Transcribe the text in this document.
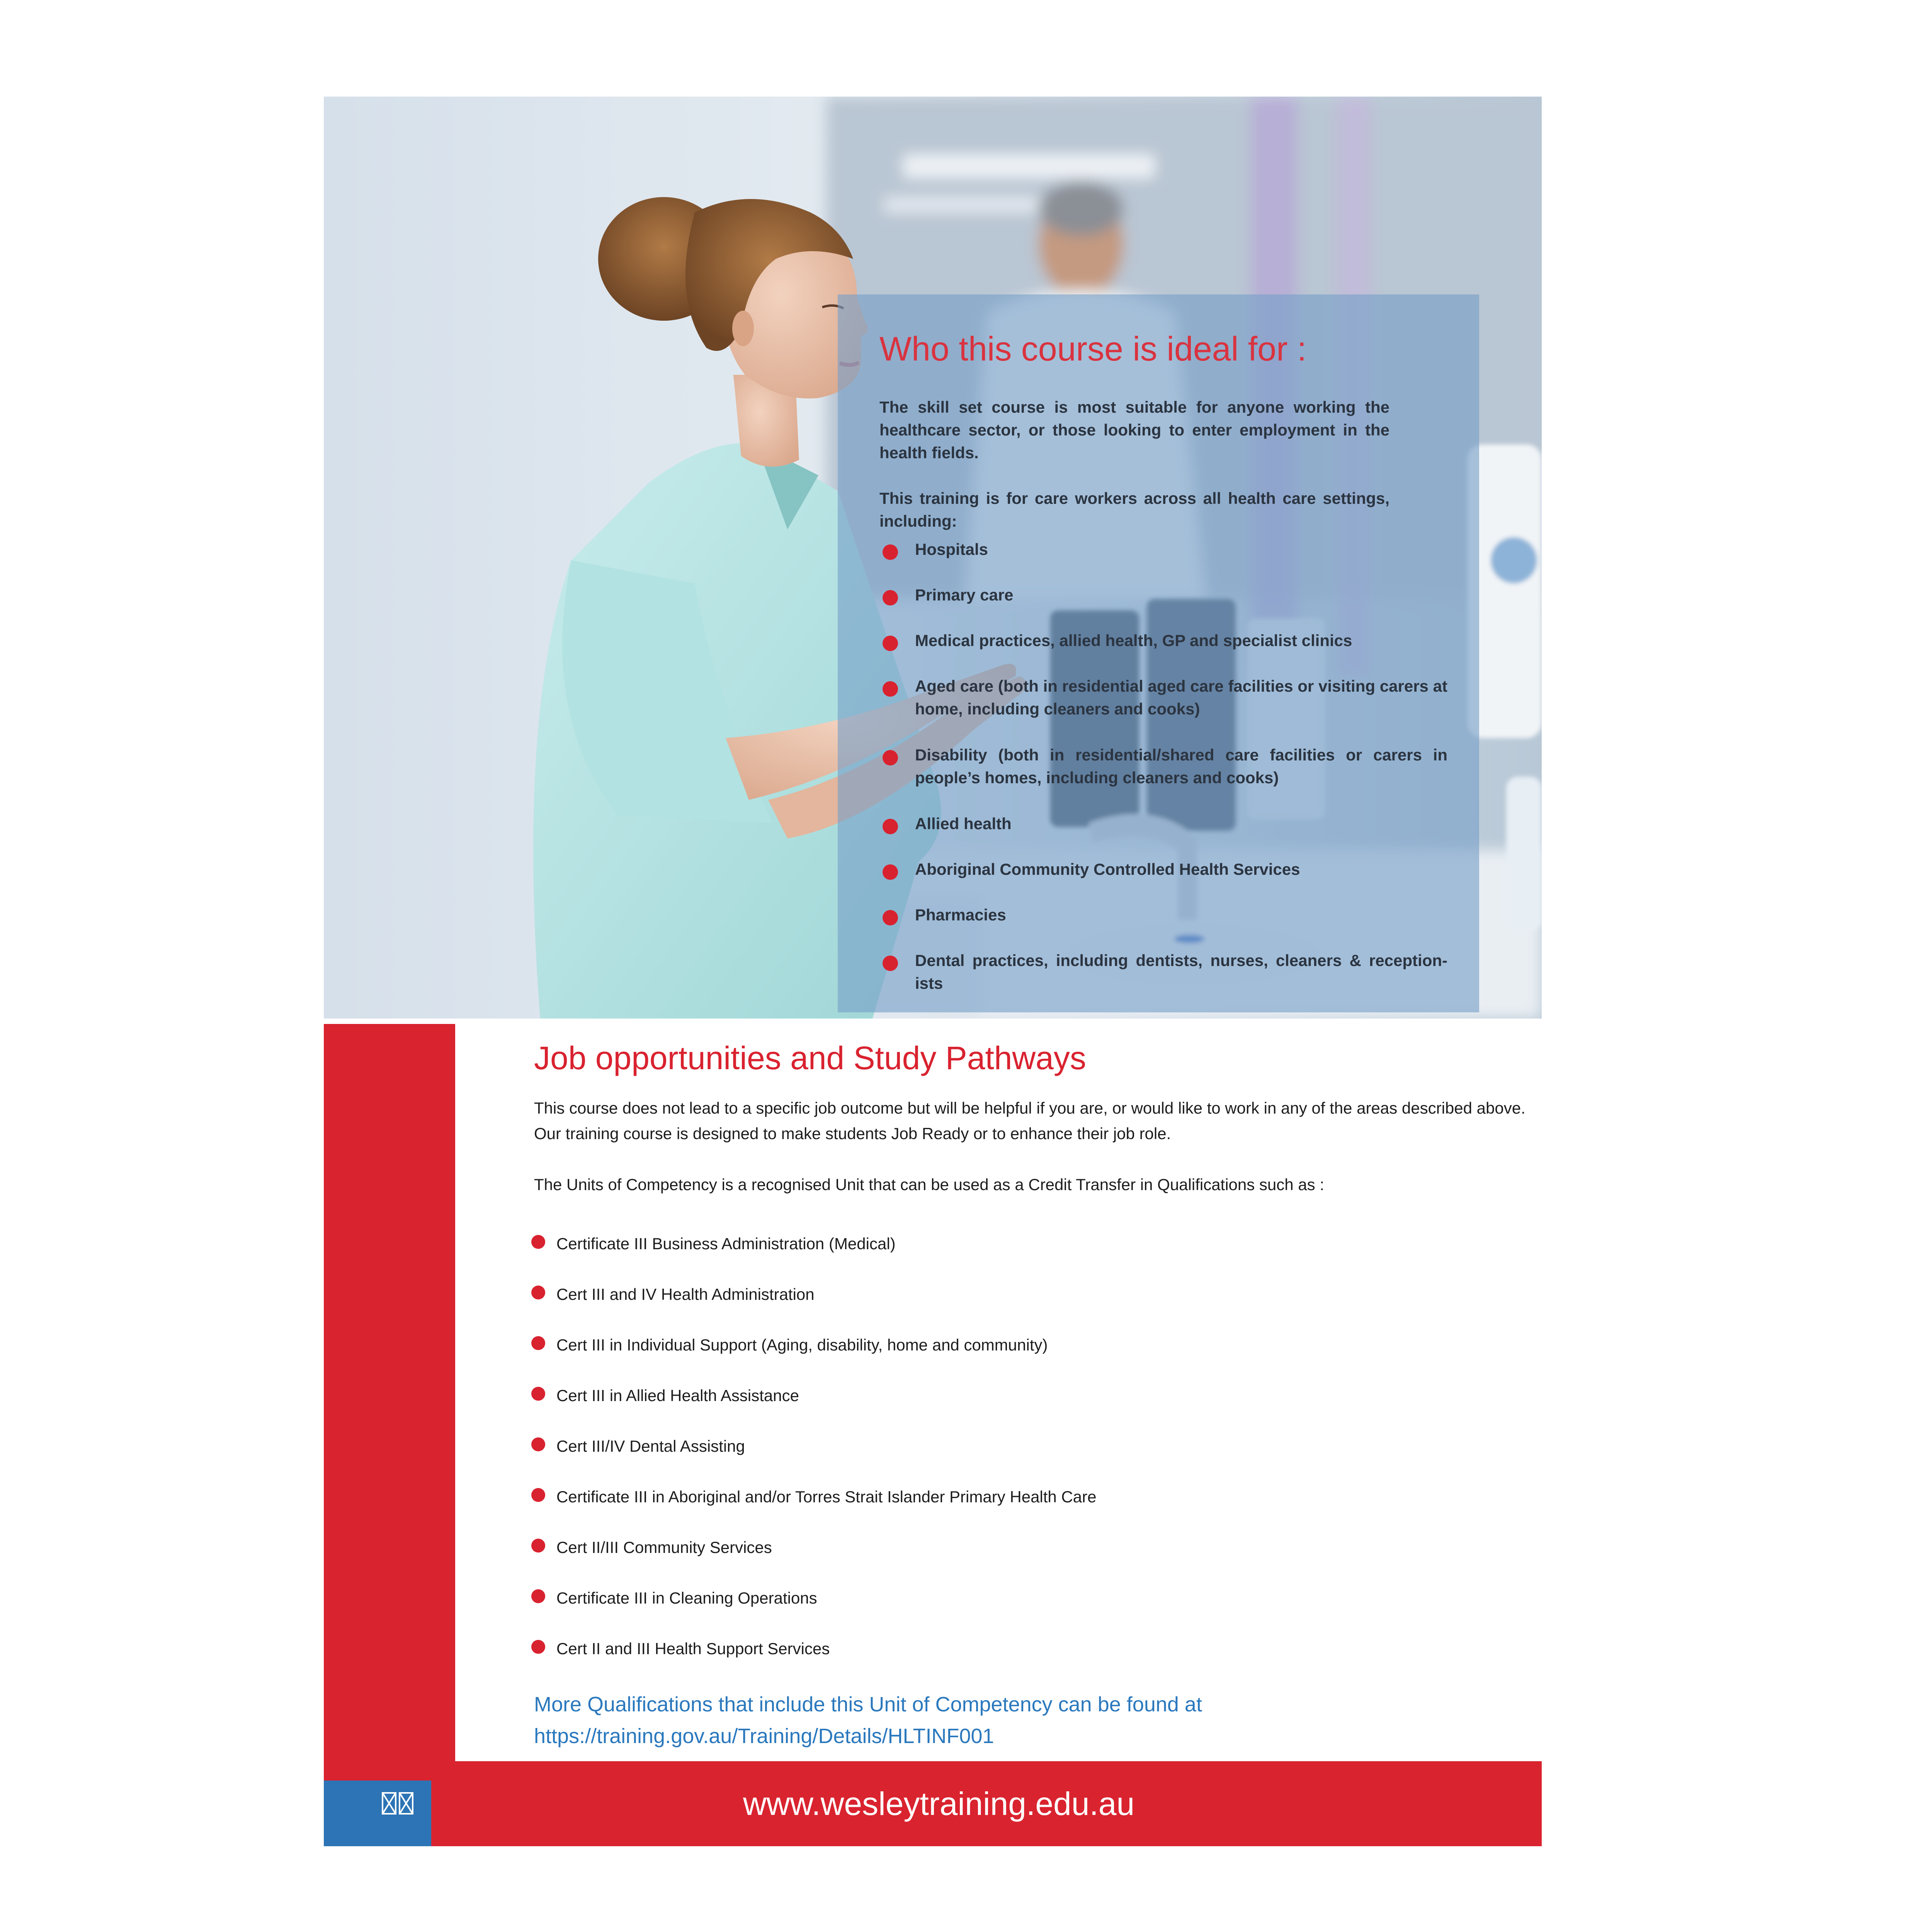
Who this course is ideal for :

The skill set course is most suitable for anyone working the healthcare sector, or those looking to enter employment in the health fields.

This training is for care workers across all health care settings, including:

Hospitals
Primary care
Medical practices, allied health, GP and specialist clinics
Aged care (both in residential aged care facilities or visiting carers at home, including cleaners and cooks)
Disability (both in residential/shared care facilities or carers in people’s homes, including cleaners and cooks)
Allied health
Aboriginal Community Controlled Health Services
Pharmacies
Dental practices, including dentists, nurses, cleaners & reception-ists
Job opportunities and Study Pathways

This course does not lead to a specific job outcome but will be helpful if you are, or would like to work in any of the areas described above. Our training course is designed to make students Job Ready or to enhance their job role.

The Units of Competency is a recognised Unit that can be used as a Credit Transfer in Qualifications such as :

Certificate III Business Administration (Medical)
Cert III and IV Health Administration
Cert III in Individual Support (Aging, disability, home and community)
Cert III in Allied Health Assistance
Cert III/IV Dental Assisting
Certificate III in Aboriginal and/or Torres Strait Islander Primary Health Care
Cert II/III Community Services
Certificate III in Cleaning Operations
Cert II and III Health Support Services

More Qualifications that include this Unit of Competency can be found at
https://training.gov.au/Training/Details/HLTINF001

www.wesleytraining.edu.au
